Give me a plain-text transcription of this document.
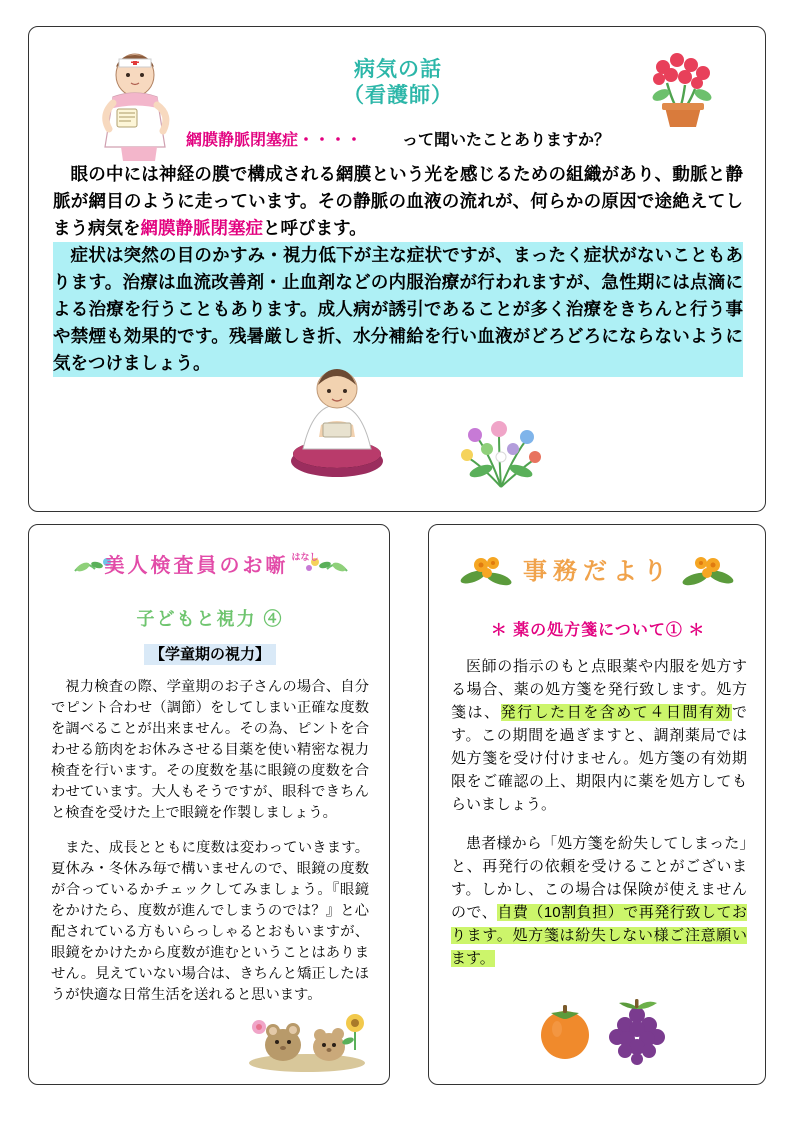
病気の話
（看護師）
網膜静脈閉塞症・・・・	って聞いたことありますか？

眼の中には神経の膜で構成される網膜という光を感じるための組織があり、動脈と静脈が網目のように走っています。その静脈の血液の流れが、何らかの原因で途絶えてしまう病気を網膜静脈閉塞症と呼びます。

症状は突然の目のかすみ・視力低下が主な症状ですが、まったく症状がないこともあります。治療は血流改善剤・止血剤などの内服治療が行われますが、急性期には点滴による治療を行うこともあります。成人病が誘引であることが多く治療をきちんと行う事や禁煙も効果的です。残暑厳しき折、水分補給を行い血液がどろどろにならないように気をつけましょう。

美人検査員のお噺 $^{はなし}$
子どもと視力 ④
【学童期の視力】

視力検査の際、学童期のお子さんの場合、自分でピント合わせ（調節）をしてしまい正確な度数を調べることが出来ません。その為、ピントを合わせる筋肉をお休みさせる目薬を使い精密な視力検査を行います。その度数を基に眼鏡の度数を合わせています。大人もそうですが、眼科できちんと検査を受けた上で眼鏡を作製しましょう。

また、成長とともに度数は変わっていきます。夏休み・冬休み毎で構いませんので、眼鏡の度数が合っているかチェックしてみましょう。『眼鏡をかけたら、度数が進んでしまうのでは？』と心配されている方もいらっしゃるとおもいますが、眼鏡をかけたから度数が進むということはありません。見えていない場合は、きちんと矯正したほうが快適な日常生活を送れると思います。

事務だより
＊ 薬の処方箋について① ＊

医師の指示のもと点眼薬や内服を処方する場合、薬の処方箋を発行致します。処方箋は、発行した日を含めて４日間有効です。この期間を過ぎますと、調剤薬局では処方箋を受け付けません。処方箋の有効期限をご確認の上、期限内に薬を処方してもらいましょう。

患者様から「処方箋を紛失してしまった」と、再発行の依頼を受けることがございます。しかし、この場合は保険が使えませんので、自費（10割負担）で再発行致しております。処方箋は紛失しない様ご注意願います。
